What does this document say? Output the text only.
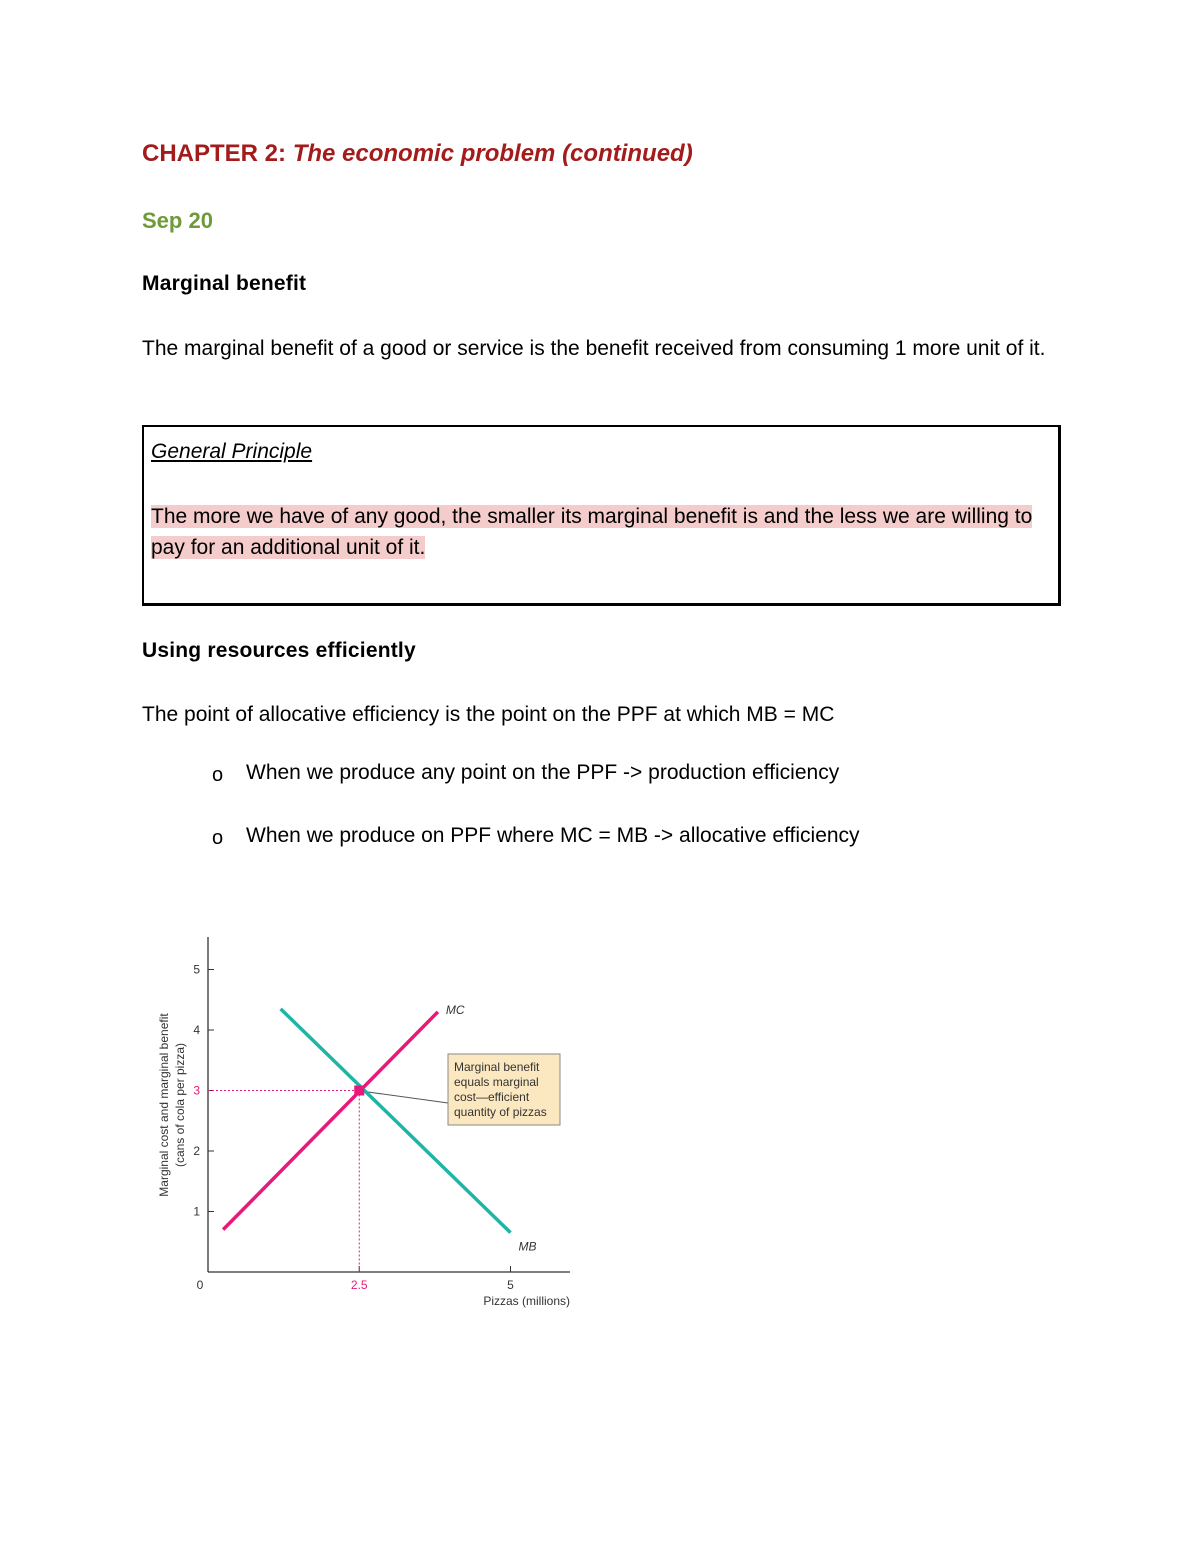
CHAPTER 2: The economic problem (continued)
Sep 20
Marginal benefit
The marginal benefit of a good or service is the benefit received from consuming 1 more unit of it.
General Principle
The more we have of any good, the smaller its marginal benefit is and the less we are willing to pay for an additional unit of it.
Using resources efficiently
The point of allocative efficiency is the point on the PPF at which MB = MC
o When we produce any point on the PPF -> production efficiency
o When we produce on PPF where MC = MB -> allocative efficiency
Marginal benefit
equals marginal
cost—efficient
quantity of pizzas
Pizzas (millions)
Marginal cost and marginal benefit (cans of cola per pizza)
1
2
4
5
0	5
3
2.5
MC
MB
